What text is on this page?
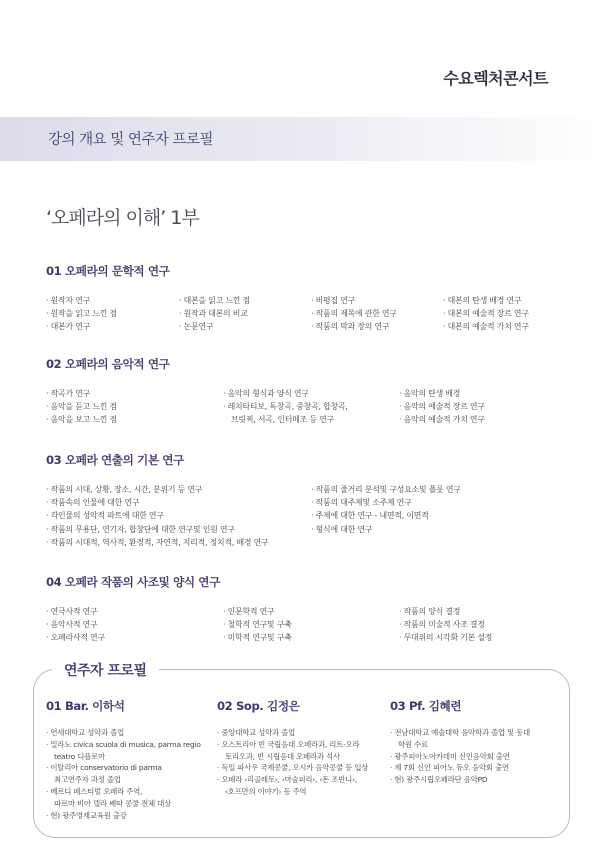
수요렉처콘서트
강의 개요 및 연주자 프로필
‘오페라의 이해’ 1부
01 오페라의 문학적 연구
· 원작자 연구
· 원작을 읽고 느낀 점
· 대본가 연구
· 대본을 읽고 느낀 점
· 원작과 대본의 비교
· 논문연구
· 비평집 연구
· 작품의 제목에 관한 연구
· 작품의 막과 장의 연구
· 대본의 탄생 배경 연구
· 대본의 예술적 장르 연구
· 대본의 예술적 가치 연구
02 오페라의 음악적 연구
· 작곡가 연구
· 음악을 듣고 느낀 점
· 음악을 보고 느낀 점
· 음악의 형식과 양식 연구
· 레치타티보, 독창곡, 중창곡, 합창곡,
브릿찌, 서곡, 인터메조 등 연구
· 음악의 탄생 배경
· 음악의 예술적 장르 연구
· 음악의 예술적 가치 연구
03 오페라 연출의 기본 연구
· 작품의 시대, 상황, 장소, 시간, 분위기 등 연구
· 작품속의 인물에 대한 연구
· 각인물의 성악적 파트에 대한 연구
· 작품의 무용단, 연기자, 합창단에 대한 연구및 인원 연구
· 작품의 시대적, 역사적, 환경적, 자연적, 지리적, 정치적, 배경 연구
· 작품의 줄거리 분석및 구성요소및 플롯 연구
· 작품의 대주제및 소주제 연구
· 주제에 대한 연구 - 내면적, 이면적
· 형식에 대한 연구
04 오페라 작품의 사조및 양식 연구
· 연극사적 연구
· 음악사적 연구
· 오페라사적 연구
· 인문학적 연구
· 철학적 연구및 구축
· 미학적 연구및 구축
· 작품의 양식 결정
· 작품의 미술적 사조 결정
· 무대위의 시각화 기본 설정
연주자 프로필
01 Bar. 이하석
· 연세대학교 성악과 졸업
· 밀라노 civica scuola di musica, parma regio
teatro 디플로마
· 이탈리아 conservatorio di parma
최고연주자 과정 졸업
· 베르디 페스티벌 오페라 주역,
파르마 비아 델라 쎄따 콩쿨 전체 대상
· 현) 광주영재교육원 출강
02 Sop. 김정은
· 중앙대학교 성악과 졸업
· 오스트리아 빈 국립음대 오페라과, 리트-오라
토리오과, 빈 시립음대 오페라과 석사
· 독일 파사우 국제콩쿨, 오시카 음악콩쿨 등 입상
· 오페라 ‹리골레토›, ‹마술피리›, ‹돈 조반니›,
‹호프만의 이야기› 등 주역
03 Pf. 김혜련
· 전남대학교 예술대학 음악학과 졸업 및 동대
학원 수료
· 광주피아노아카데미 신인음악회 출연
· 제 7회 신인 피아노 듀오 음악회 출연
· 현) 광주시립오페라단 음악PD
